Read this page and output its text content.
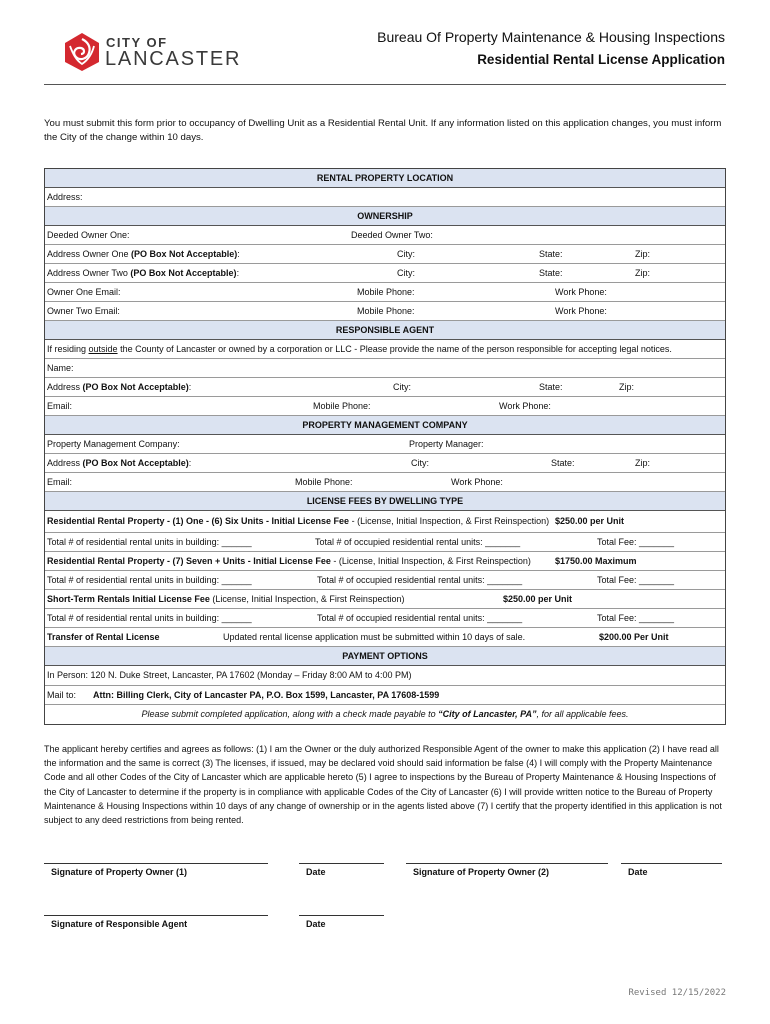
CITY OF
LANCASTER
Bureau Of Property Maintenance & Housing Inspections
Residential Rental License Application
You must submit this form prior to occupancy of Dwelling Unit as a Residential Rental Unit. If any information listed on this application changes, you must inform the City of the change within 10 days.
RENTAL PROPERTY LOCATION
Address:
OWNERSHIP
Deeded Owner One:	Deeded Owner Two:
Address Owner One (PO Box Not Acceptable):	City:	State:	Zip:
Address Owner Two (PO Box Not Acceptable):	City:	State:	Zip:
Owner One Email:	Mobile Phone:	Work Phone:
Owner Two Email:	Mobile Phone:	Work Phone:
RESPONSIBLE AGENT
If residing outside the County of Lancaster or owned by a corporation or LLC - Please provide the name of the person responsible for accepting legal notices.
Name:
Address (PO Box Not Acceptable):	City:	State:	Zip:
Email:	Mobile Phone:	Work Phone:
PROPERTY MANAGEMENT COMPANY
Property Management Company:	Property Manager:
Address (PO Box Not Acceptable):	City:	State:	Zip:
Email:	Mobile Phone:	Work Phone:
LICENSE FEES BY DWELLING TYPE
Residential Rental Property - (1) One - (6) Six Units - Initial License Fee - (License, Initial Inspection, & First Reinspection) $250.00 per Unit
Total # of residential rental units in building: ______	Total # of occupied residential rental units: _______	Total Fee: _______
Residential Rental Property - (7) Seven + Units - Initial License Fee - (License, Initial Inspection, & First Reinspection)	$1750.00 Maximum
Total # of residential rental units in building: ______	Total # of occupied residential rental units: _______	Total Fee: _______
Short-Term Rentals Initial License Fee (License, Initial Inspection, & First Reinspection)	$250.00 per Unit
Total # of residential rental units in building: ______	Total # of occupied residential rental units: _______	Total Fee: _______
Transfer of Rental License	Updated rental license application must be submitted within 10 days of sale.	$200.00 Per Unit
PAYMENT OPTIONS
In Person: 120 N. Duke Street, Lancaster, PA 17602 (Monday – Friday 8:00 AM to 4:00 PM)
Mail to: Attn: Billing Clerk, City of Lancaster PA, P.O. Box 1599, Lancaster, PA 17608-1599
Please submit completed application, along with a check made payable to “City of Lancaster, PA”, for all applicable fees.
The applicant hereby certifies and agrees as follows: (1) I am the Owner or the duly authorized Responsible Agent of the owner to make this application (2) I have read all the information and the same is correct (3) The licenses, if issued, may be declared void should said information be false (4) I will comply with the Property Maintenance Code and all other Codes of the City of Lancaster which are applicable hereto (5) I agree to inspections by the Bureau of Property Maintenance & Housing Inspections of the City of Lancaster to determine if the property is in compliance with applicable Codes of the City of Lancaster (6) I will provide written notice to the Bureau of Property Maintenance & Housing Inspections within 10 days of any change of ownership or in the agents listed above (7) I certify that the property identified in this application is not subject to any deed restrictions from being rented.
Signature of Property Owner (1)	Date	Signature of Property Owner (2)	Date
Signature of Responsible Agent	Date
Revised 12/15/2022
